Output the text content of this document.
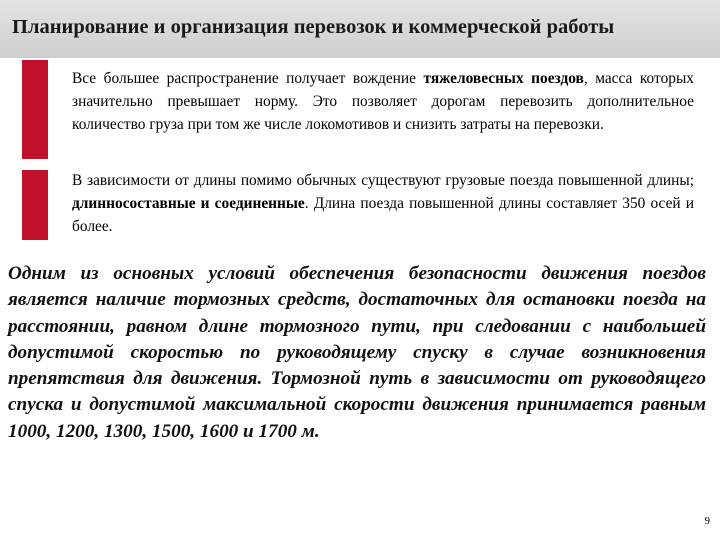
Планирование и организация перевозок и коммерческой работы
Все большее распространение получает вождение тяжеловесных поездов, масса которых значительно превышает норму. Это позволяет дорогам перевозить дополнительное количество груза при том же числе локомотивов и снизить затраты на перевозки.
В зависимости от длины помимо обычных существуют грузовые поезда повышенной длины; длинносоставные и соединенные. Длина поезда повышенной длины составляет 350 осей и более.
Одним из основных условий обеспечения безопасности движения поездов является наличие тормозных средств, достаточных для остановки поезда на расстоянии, равном длине тормозного пути, при следовании с наибольшей допустимой скоростью по руководящему спуску в случае возникновения препятствия для движения. Тормозной путь в зависимости от руководящего спуска и допустимой максимальной скорости движения принимается равным 1000, 1200, 1300, 1500, 1600 и 1700 м.
9
